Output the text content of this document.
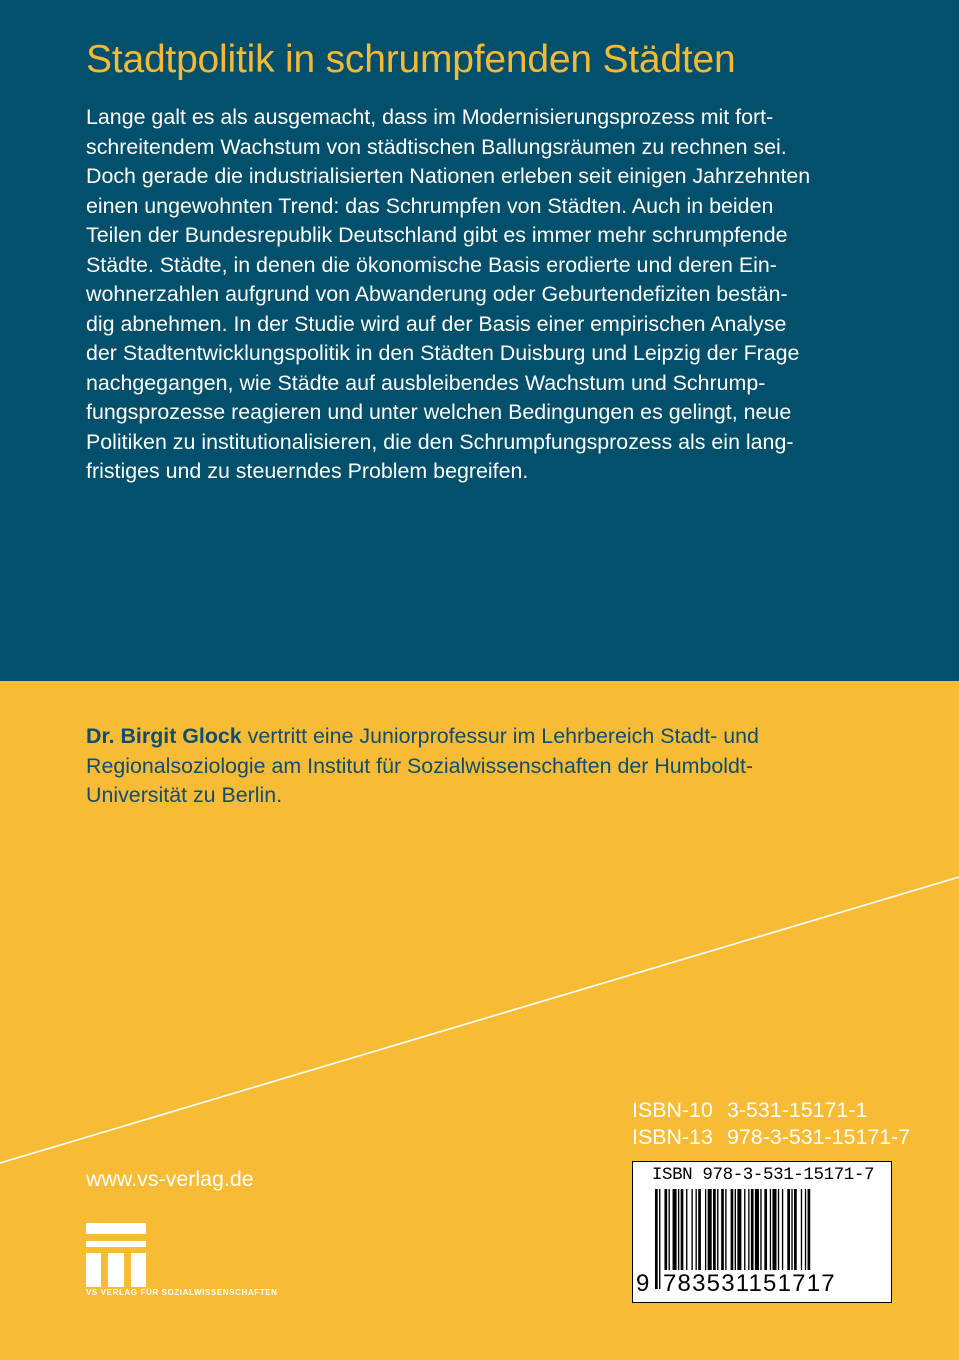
Stadtpolitik in schrumpfenden Städten
Lange galt es als ausgemacht, dass im Modernisierungsprozess mit fort-
schreitendem Wachstum von städtischen Ballungsräumen zu rechnen sei.
Doch gerade die industrialisierten Nationen erleben seit einigen Jahrzehnten
einen ungewohnten Trend: das Schrumpfen von Städten. Auch in beiden
Teilen der Bundesrepublik Deutschland gibt es immer mehr schrumpfende
Städte. Städte, in denen die ökonomische Basis erodierte und deren Ein-
wohnerzahlen aufgrund von Abwanderung oder Geburtendefiziten bestän-
dig abnehmen. In der Studie wird auf der Basis einer empirischen Analyse
der Stadtentwicklungspolitik in den Städten Duisburg und Leipzig der Frage
nachgegangen, wie Städte auf ausbleibendes Wachstum und Schrump-
fungsprozesse reagieren und unter welchen Bedingungen es gelingt, neue
Politiken zu institutionalisieren, die den Schrumpfungsprozess als ein lang-
fristiges und zu steuerndes Problem begreifen.
Dr. Birgit Glock vertritt eine Juniorprofessur im Lehrbereich Stadt- und
Regionalsoziologie am Institut für Sozialwissenschaften der Humboldt-
Universität zu Berlin.
ISBN-10 3-531-15171-1
ISBN-13 978-3-531-15171-7
www.vs-verlag.de
VS VERLAG FÜR SOZIALWISSENSCHAFTEN
ISBN 978-3-531-15171-7
9 783531151717
